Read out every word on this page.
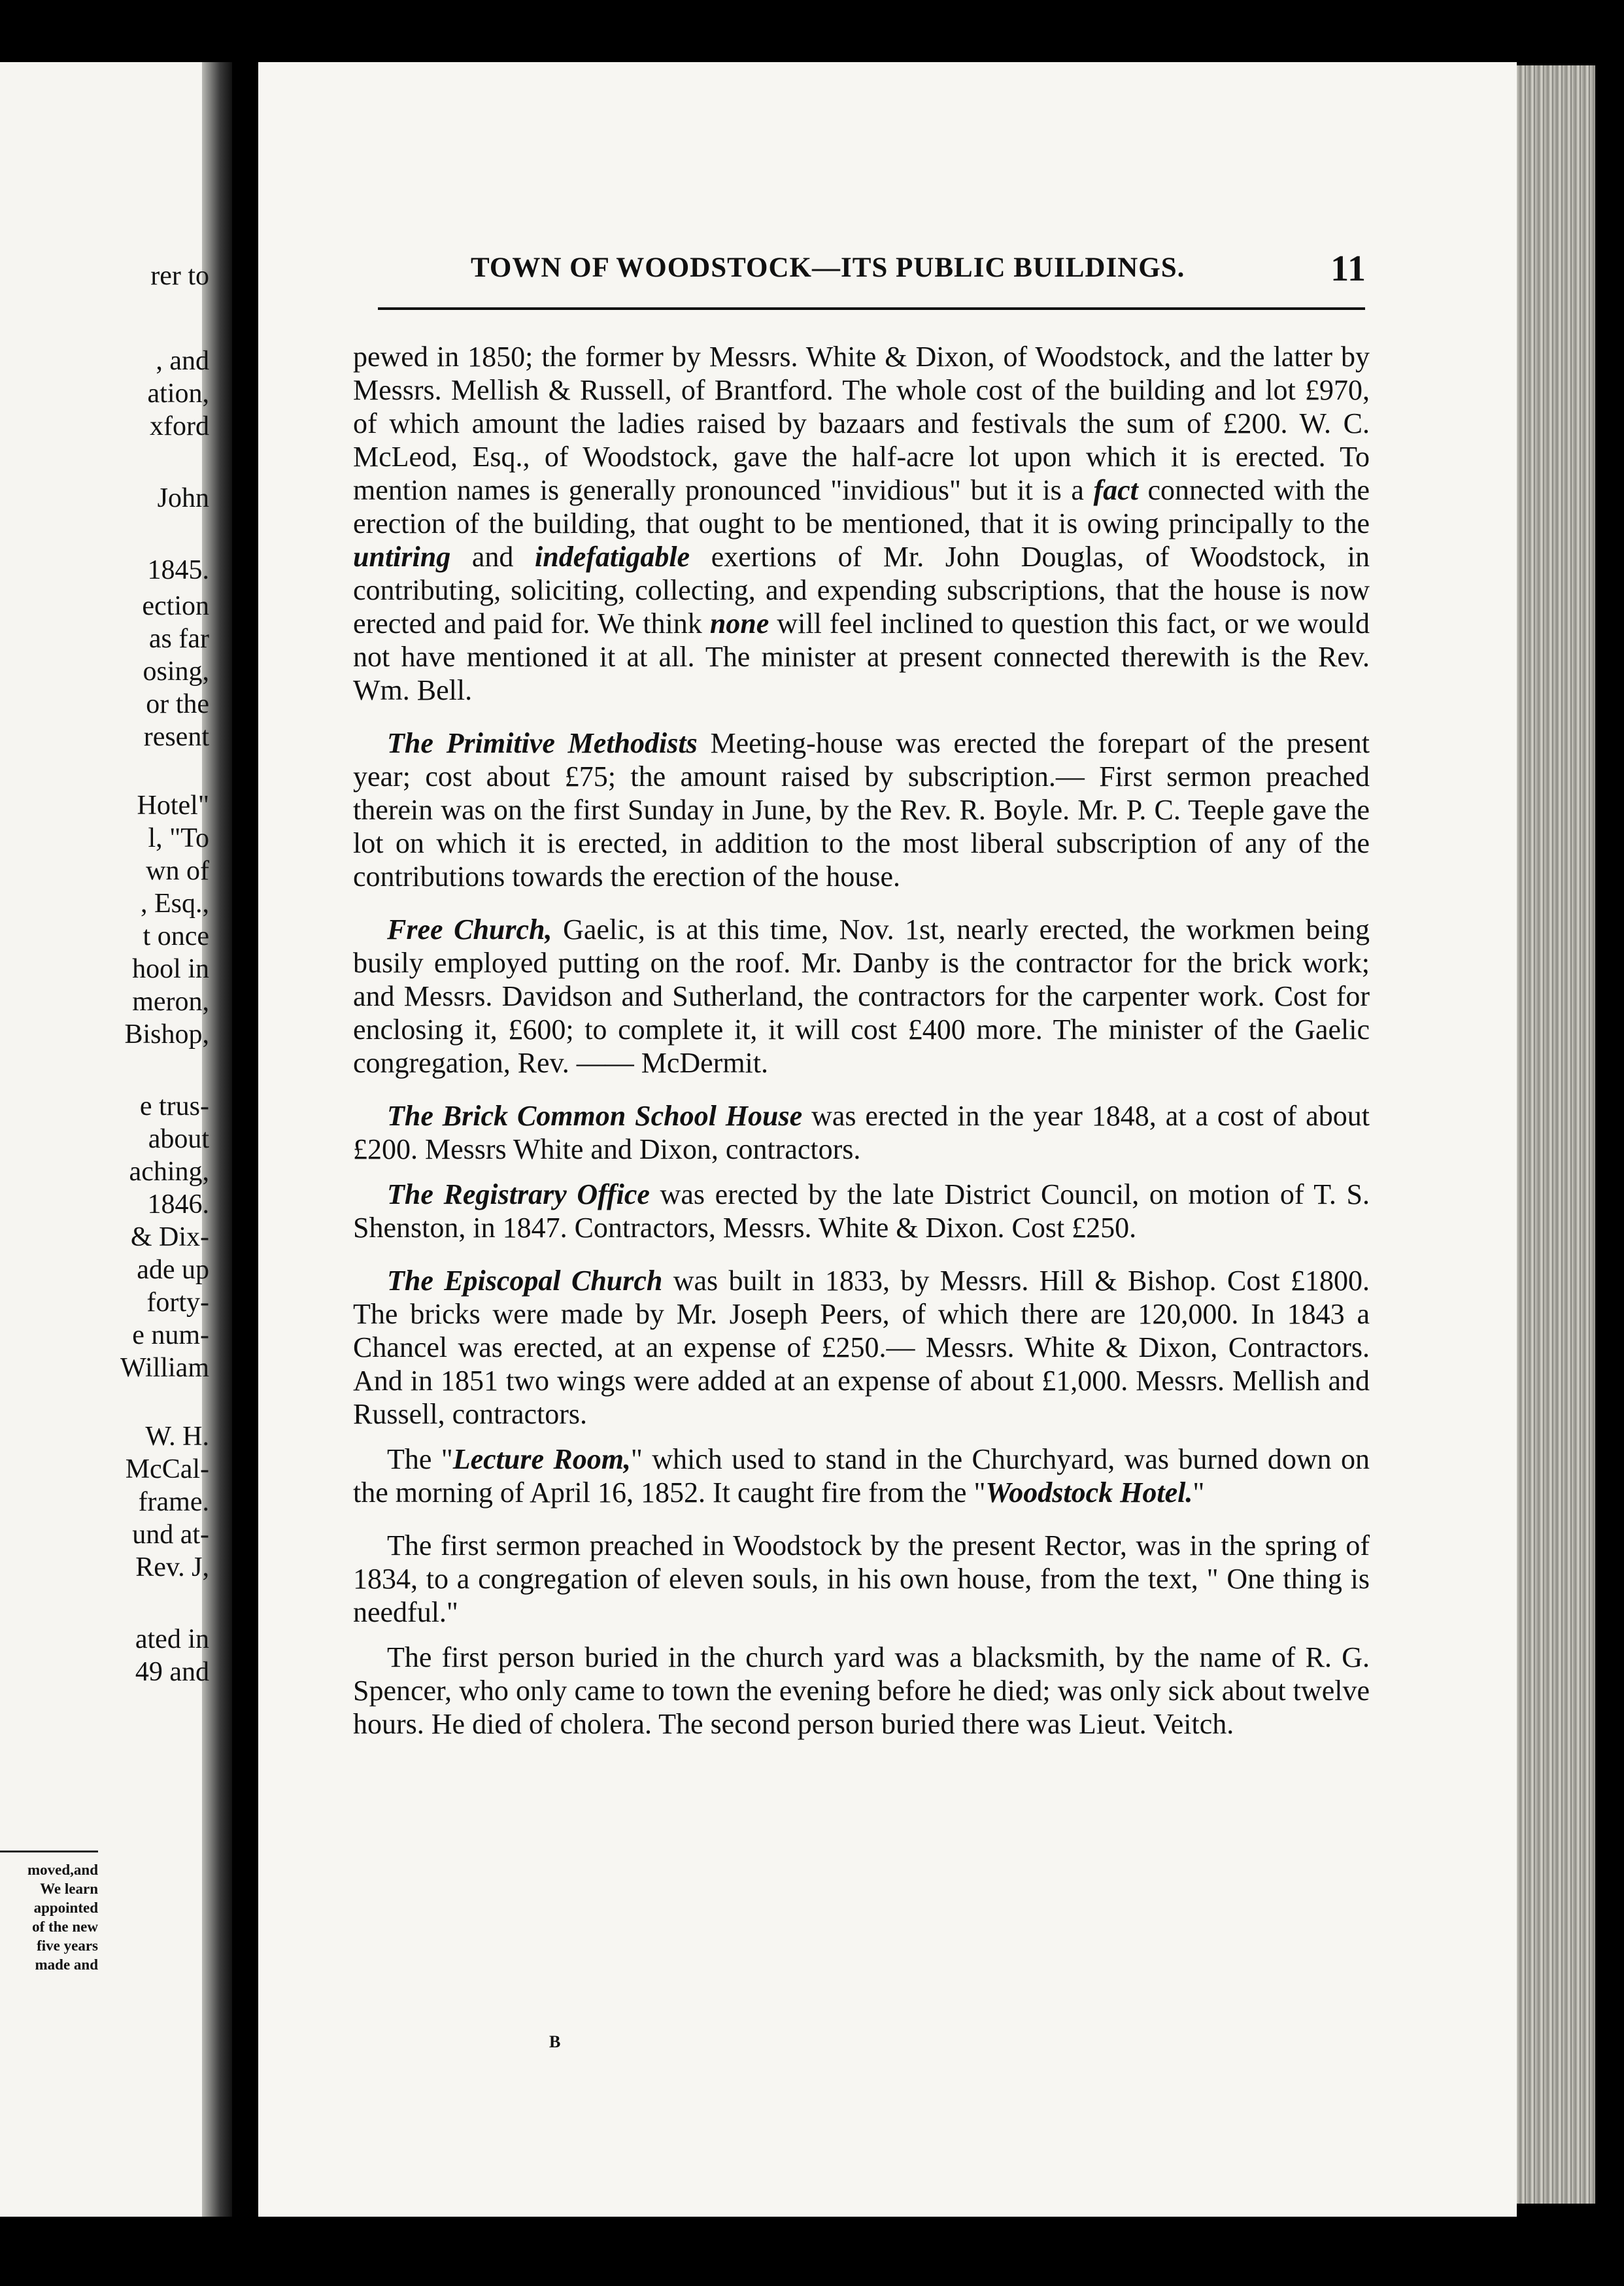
rer to
, and
ation,
xford
John
1845.
ection
as far
osing,
or the
resent
Hotel"
l, "To
wn of
, Esq.,
t once
hool in
meron,
Bishop,
e trus-
about
aching,
1846.
& Dix-
ade up
forty-
e num-
William
W. H.
McCal-
frame.
und at-
Rev. J,
ated in
49 and
moved,and
We learn
appointed
of the new
five years
made and
TOWN OF WOODSTOCK—ITS PUBLIC BUILDINGS.	11

pewed in 1850; the former by Messrs. White & Dixon, of Woodstock, and the latter by Messrs. Mellish & Russell, of Brantford. The whole cost of the building and lot £970, of which amount the ladies raised by bazaars and festivals the sum of £200. W. C. McLeod, Esq., of Woodstock, gave the half-acre lot upon which it is erected. To mention names is generally pronounced "invidious" but it is a fact connected with the erection of the building, that ought to be mentioned, that it is owing principally to the untiring and indefatigable exertions of Mr. John Douglas, of Woodstock, in contributing, soliciting, collecting, and expending subscriptions, that the house is now erected and paid for. We think none will feel inclined to question this fact, or we would not have mentioned it at all. The minister at present connected therewith is the Rev. Wm. Bell.

The Primitive Methodists Meeting-house was erected the forepart of the present year; cost about £75; the amount raised by subscription.— First sermon preached therein was on the first Sunday in June, by the Rev. R. Boyle. Mr. P. C. Teeple gave the lot on which it is erected, in addition to the most liberal subscription of any of the contributions towards the erection of the house.

Free Church, Gaelic, is at this time, Nov. 1st, nearly erected, the workmen being busily employed putting on the roof. Mr. Danby is the contractor for the brick work; and Messrs. Davidson and Sutherland, the contractors for the carpenter work. Cost for enclosing it, £600; to complete it, it will cost £400 more. The minister of the Gaelic congregation, Rev. —— McDermit.

The Brick Common School House was erected in the year 1848, at a cost of about £200. Messrs White and Dixon, contractors.

The Registrary Office was erected by the late District Council, on motion of T. S. Shenston, in 1847. Contractors, Messrs. White & Dixon. Cost £250.

The Episcopal Church was built in 1833, by Messrs. Hill & Bishop. Cost £1800. The bricks were made by Mr. Joseph Peers, of which there are 120,000. In 1843 a Chancel was erected, at an expense of £250.— Messrs. White & Dixon, Contractors. And in 1851 two wings were added at an expense of about £1,000. Messrs. Mellish and Russell, contractors.

The "Lecture Room," which used to stand in the Churchyard, was burned down on the morning of April 16, 1852. It caught fire from the "Woodstock Hotel."

The first sermon preached in Woodstock by the present Rector, was in the spring of 1834, to a congregation of eleven souls, in his own house, from the text, " One thing is needful."

The first person buried in the church yard was a blacksmith, by the name of R. G. Spencer, who only came to town the evening before he died; was only sick about twelve hours. He died of cholera. The second person buried there was Lieut. Veitch.

B
